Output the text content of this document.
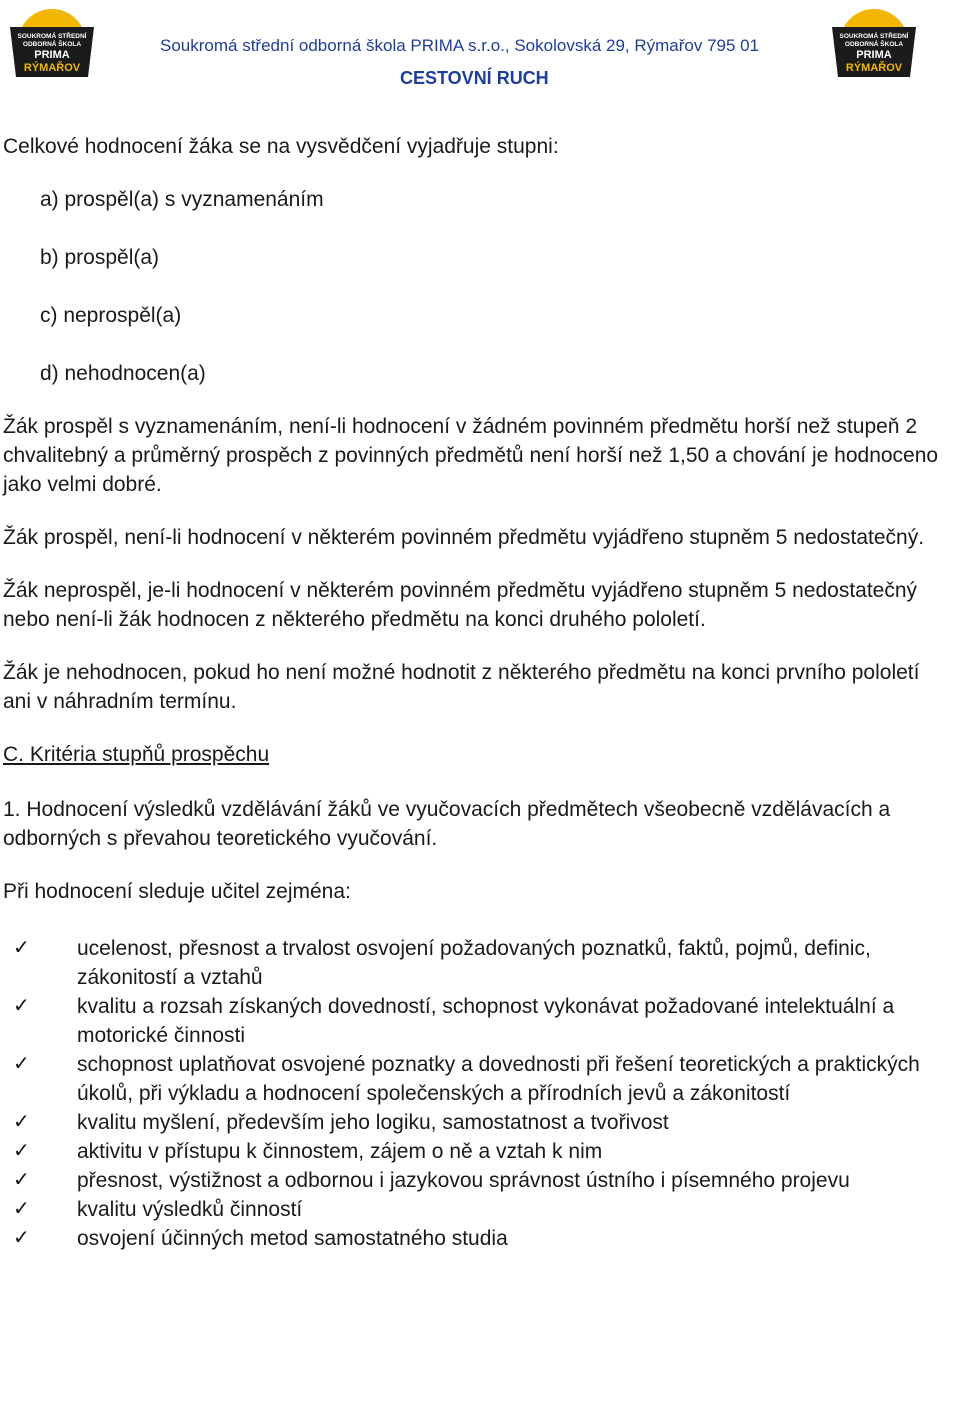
SOUKROMÁ STŘEDNÍ
ODBORNÁ ŠKOLA
PRIMA
RÝMAŘOV
SOUKROMÁ STŘEDNÍ
ODBORNÁ ŠKOLA
PRIMA
RÝMAŘOV
Soukromá střední odborná škola PRIMA s.r.o., Sokolovská 29, Rýmařov 795 01
CESTOVNÍ RUCH

Celkové hodnocení žáka se na vysvědčení vyjadřuje stupni:

a) prospěl(a) s vyznamenáním

b) prospěl(a)

c) neprospěl(a)

d) nehodnocen(a)

Žák prospěl s vyznamenáním, není-li hodnocení v žádném povinném předmětu horší než stupeň 2 chvalitebný a průměrný prospěch z povinných předmětů není horší než 1,50 a chování je hodnoceno jako velmi dobré.

Žák prospěl, není-li hodnocení v některém povinném předmětu vyjádřeno stupněm 5 nedostatečný.

Žák neprospěl, je-li hodnocení v některém povinném předmětu vyjádřeno stupněm 5 nedostatečný nebo není-li žák hodnocen z některého předmětu na konci druhého pololetí.

Žák je nehodnocen, pokud ho není možné hodnotit z některého předmětu na konci prvního pololetí ani v náhradním termínu.

C. Kritéria stupňů prospěchu

1. Hodnocení výsledků vzdělávání žáků ve vyučovacích předmětech všeobecně vzdělávacích a odborných s převahou teoretického vyučování.

Při hodnocení sleduje učitel zejména:

✓ ucelenost, přesnost a trvalost osvojení požadovaných poznatků, faktů, pojmů, definic, zákonitostí a vztahů
✓ kvalitu a rozsah získaných dovedností, schopnost vykonávat požadované intelektuální a motorické činnosti
✓ schopnost uplatňovat osvojené poznatky a dovednosti při řešení teoretických a praktických úkolů, při výkladu a hodnocení společenských a přírodních jevů a zákonitostí
✓ kvalitu myšlení, především jeho logiku, samostatnost a tvořivost
✓ aktivitu v přístupu k činnostem, zájem o ně a vztah k nim
✓ přesnost, výstižnost a odbornou i jazykovou správnost ústního i písemného projevu
✓ kvalitu výsledků činností
✓ osvojení účinných metod samostatného studia
